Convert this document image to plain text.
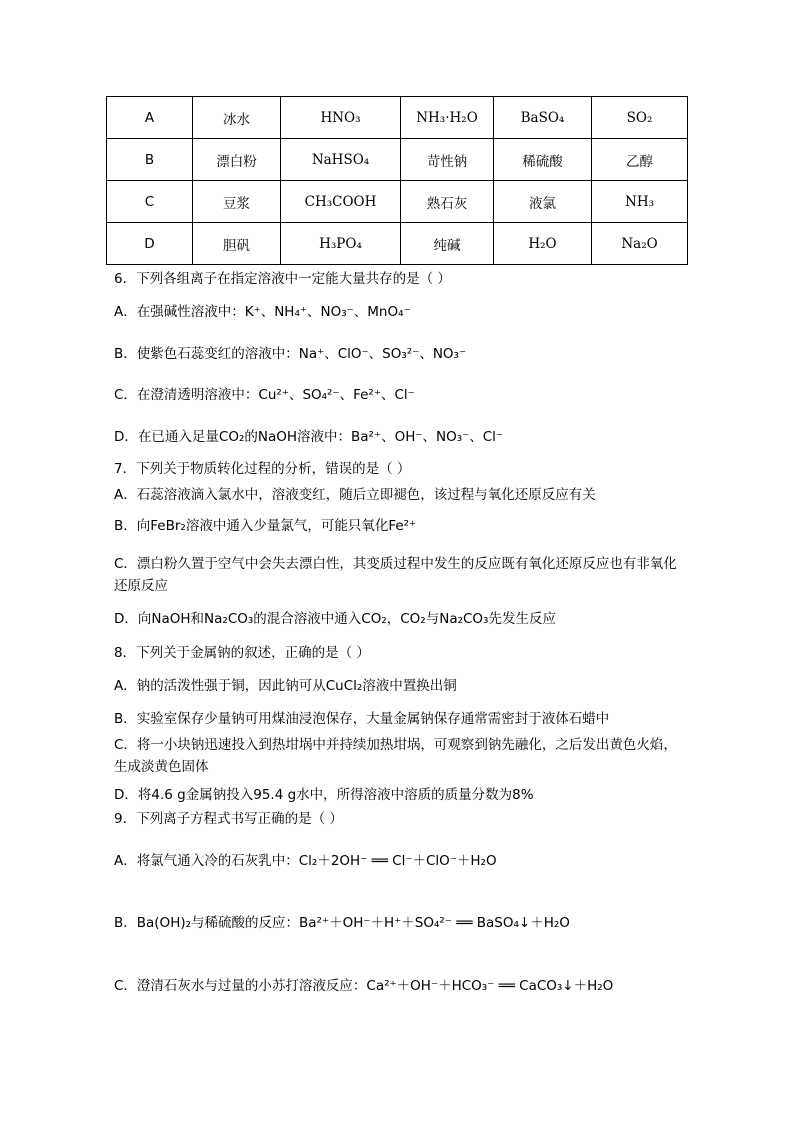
A	冰水	HNO₃	NH₃·H₂O	BaSO₄	SO₂
B	漂白粉	NaHSO₄	苛性钠	稀硫酸	乙醇
C	豆浆	CH₃COOH	熟石灰	液氯	NH₃
D	胆矾	H₃PO₄	纯碱	H₂O	Na₂O
6．下列各组离子在指定溶液中一定能大量共存的是（ ）
A．在强碱性溶液中：K⁺、NH₄⁺、NO₃⁻、MnO₄⁻
B．使紫色石蕊变红的溶液中：Na⁺、ClO⁻、SO₃²⁻、NO₃⁻
C．在澄清透明溶液中：Cu²⁺、SO₄²⁻、Fe²⁺、Cl⁻
D．在已通入足量CO₂的NaOH溶液中：Ba²⁺、OH⁻、NO₃⁻、Cl⁻
7．下列关于物质转化过程的分析，错误的是（ ）
A．石蕊溶液滴入氯水中，溶液变红，随后立即褪色，该过程与氧化还原反应有关
B．向FeBr₂溶液中通入少量氯气，可能只氧化Fe²⁺
C．漂白粉久置于空气中会失去漂白性，其变质过程中发生的反应既有氧化还原反应也有非氧化还原反应
D．向NaOH和Na₂CO₃的混合溶液中通入CO₂，CO₂与Na₂CO₃先发生反应
8．下列关于金属钠的叙述，正确的是（ ）
A．钠的活泼性强于铜，因此钠可从CuCl₂溶液中置换出铜
B．实验室保存少量钠可用煤油浸泡保存，大量金属钠保存通常需密封于液体石蜡中
C．将一小块钠迅速投入到热坩埚中并持续加热坩埚，可观察到钠先融化，之后发出黄色火焰，生成淡黄色固体
D．将4.6 g金属钠投入95.4 g水中，所得溶液中溶质的质量分数为8%
9．下列离子方程式书写正确的是（ ）
A．将氯气通入冷的石灰乳中：Cl₂＋2OH⁻ ══ Cl⁻＋ClO⁻＋H₂O
B．Ba(OH)₂与稀硫酸的反应：Ba²⁺＋OH⁻＋H⁺＋SO₄²⁻ ══ BaSO₄↓＋H₂O
C．澄清石灰水与过量的小苏打溶液反应：Ca²⁺＋OH⁻＋HCO₃⁻ ══ CaCO₃↓＋H₂O
